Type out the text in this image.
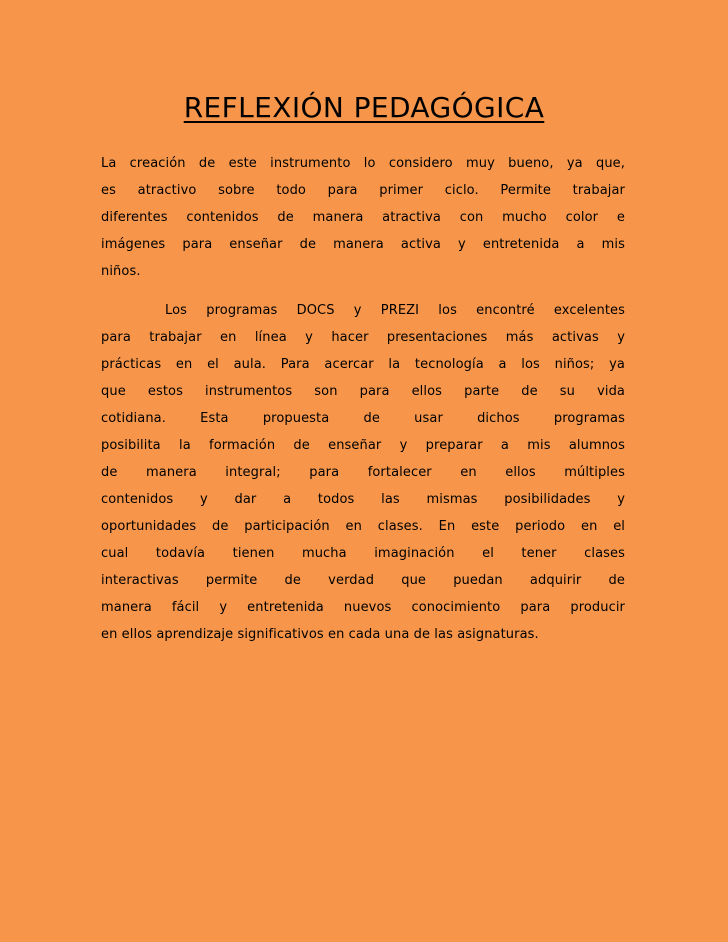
REFLEXIÓN PEDAGÓGICA
La creación de este instrumento lo considero muy bueno, ya que,
es atractivo sobre todo para primer ciclo. Permite trabajar
diferentes contenidos de manera atractiva con mucho color e
imágenes para enseñar de manera activa y entretenida a mis
niños.
Los programas DOCS y PREZI los encontré excelentes
para trabajar en línea y hacer presentaciones más activas y
prácticas en el aula. Para acercar la tecnología a los niños; ya
que estos instrumentos son para ellos parte de su vida
cotidiana. Esta propuesta de usar dichos programas
posibilita la formación de enseñar y preparar a mis alumnos
de manera integral; para fortalecer en ellos múltiples
contenidos y dar a todos las mismas posibilidades y
oportunidades de participación en clases. En este periodo en el
cual todavía tienen mucha imaginación el tener clases
interactivas permite de verdad que puedan adquirir de
manera fácil y entretenida nuevos conocimiento para producir
en ellos aprendizaje significativos en cada una de las asignaturas.
